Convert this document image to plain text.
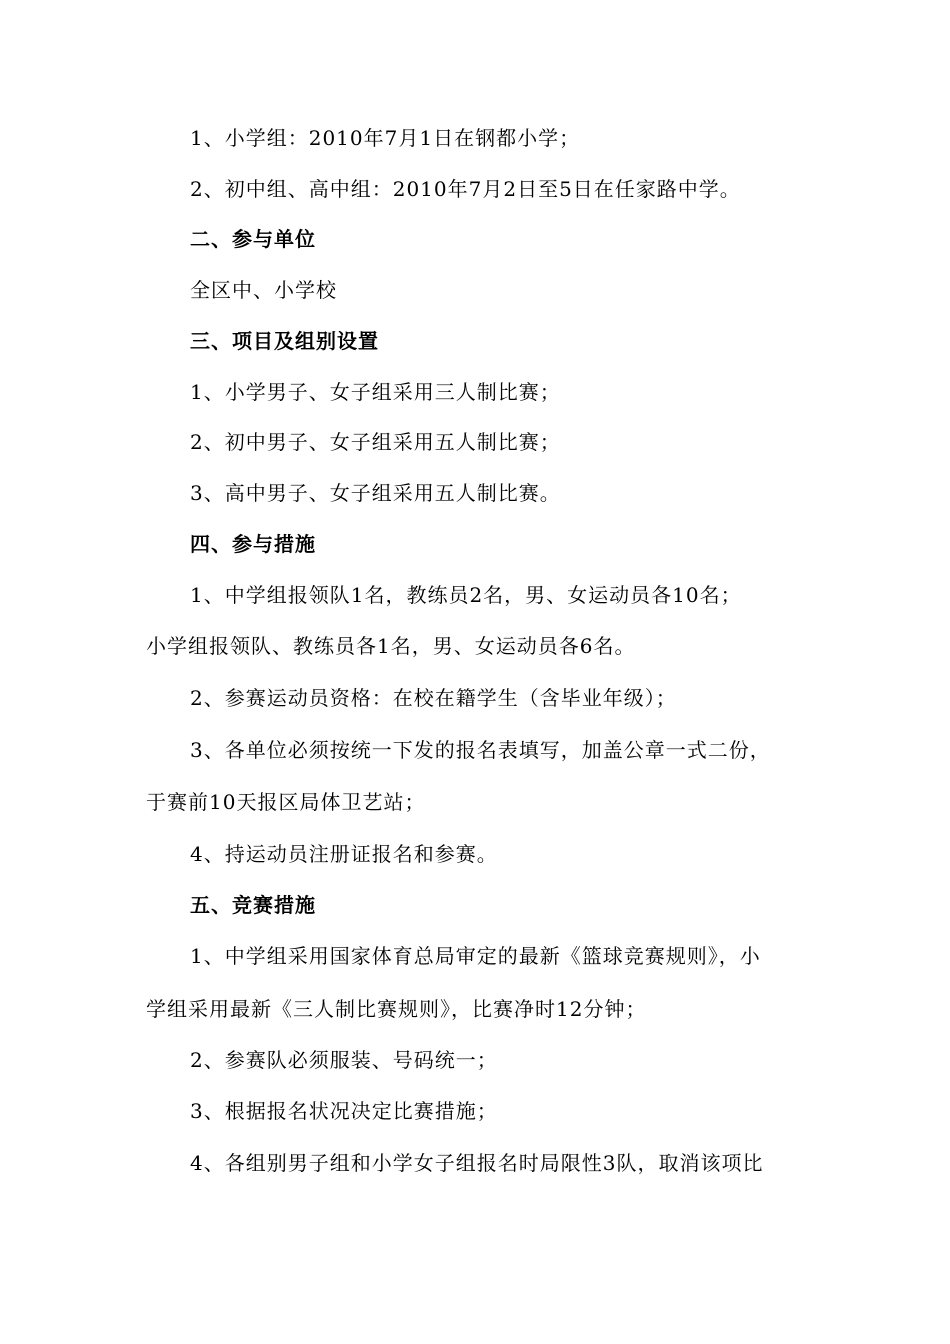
1、小学组：2010年7月1日在钢都小学；
2、初中组、高中组：2010年7月2日至5日在任家路中学。
二、参与单位
全区中、小学校
三、项目及组别设置
1、小学男子、女子组采用三人制比赛；
2、初中男子、女子组采用五人制比赛；
3、高中男子、女子组采用五人制比赛。
四、参与措施
1、中学组报领队1名，教练员2名，男、女运动员各10名；
小学组报领队、教练员各1名，男、女运动员各6名。
2、参赛运动员资格：在校在籍学生（含毕业年级）；
3、各单位必须按统一下发的报名表填写，加盖公章一式二份，
于赛前10天报区局体卫艺站；
4、持运动员注册证报名和参赛。
五、竞赛措施
1、中学组采用国家体育总局审定的最新《篮球竞赛规则》，小
学组采用最新《三人制比赛规则》，比赛净时12分钟；
2、参赛队必须服装、号码统一；
3、根据报名状况决定比赛措施；
4、各组别男子组和小学女子组报名时局限性3队，取消该项比
